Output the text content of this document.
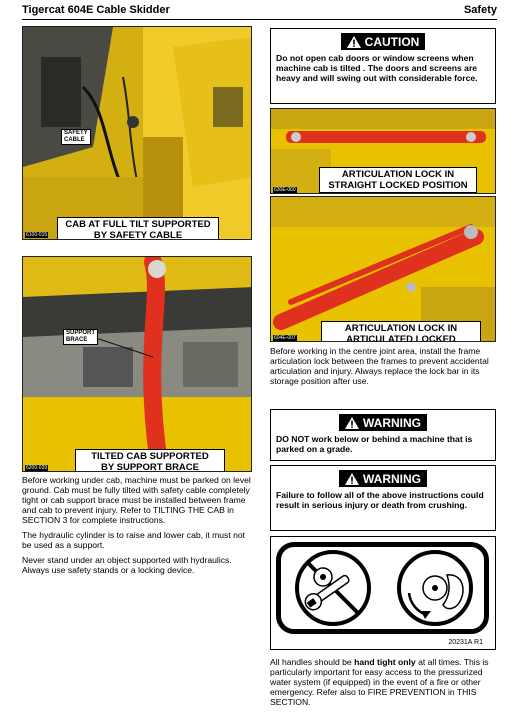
Tigercat 604E Cable Skidder	Safety
SAFETY
CABLE
CAB AT FULL TILT SUPPORTED
BY SAFETY CABLE
6100-015
SUPPORT
BRACE
TILTED CAB SUPPORTED
BY SUPPORT BRACE
6200-039

Before working under cab, machine must be parked on level ground. Cab must be fully tilted with safety cable completely tight or cab support brace must be installed between frame and cab to prevent injury. Refer to TILTING THE CAB in SECTION 3 for complete instructions.

The hydraulic cylinder is to raise and lower cab, it must not be used as a support.

Never stand under an object supported with hydraulics. Always use safety stands or a locking device.

CAUTION
Do not open cab doors or window screens when machine cab is tilted . The doors and screens are heavy and will swing out with considerable force.
ARTICULATION LOCK IN
STRAIGHT LOCKED POSITION
630E-060
ARTICULATION LOCK IN
ARTICULATED LOCKED
604E-007

Before working in the centre joint area, install the frame articulation lock between the frames to prevent accidental articulation and injury. Always replace the lock bar in its storage position after use.

WARNING
DO NOT work below or behind a machine that is parked on a grade.
WARNING
Failure to follow all of the above instructions could result in serious injury or death from crushing.
20231A R1

All handles should be hand tight only at all times. This is particularly important for easy access to the pressurized water system (if equipped) in the event of a fire or other emergency. Refer also to FIRE PREVENTION in THIS SECTION.
